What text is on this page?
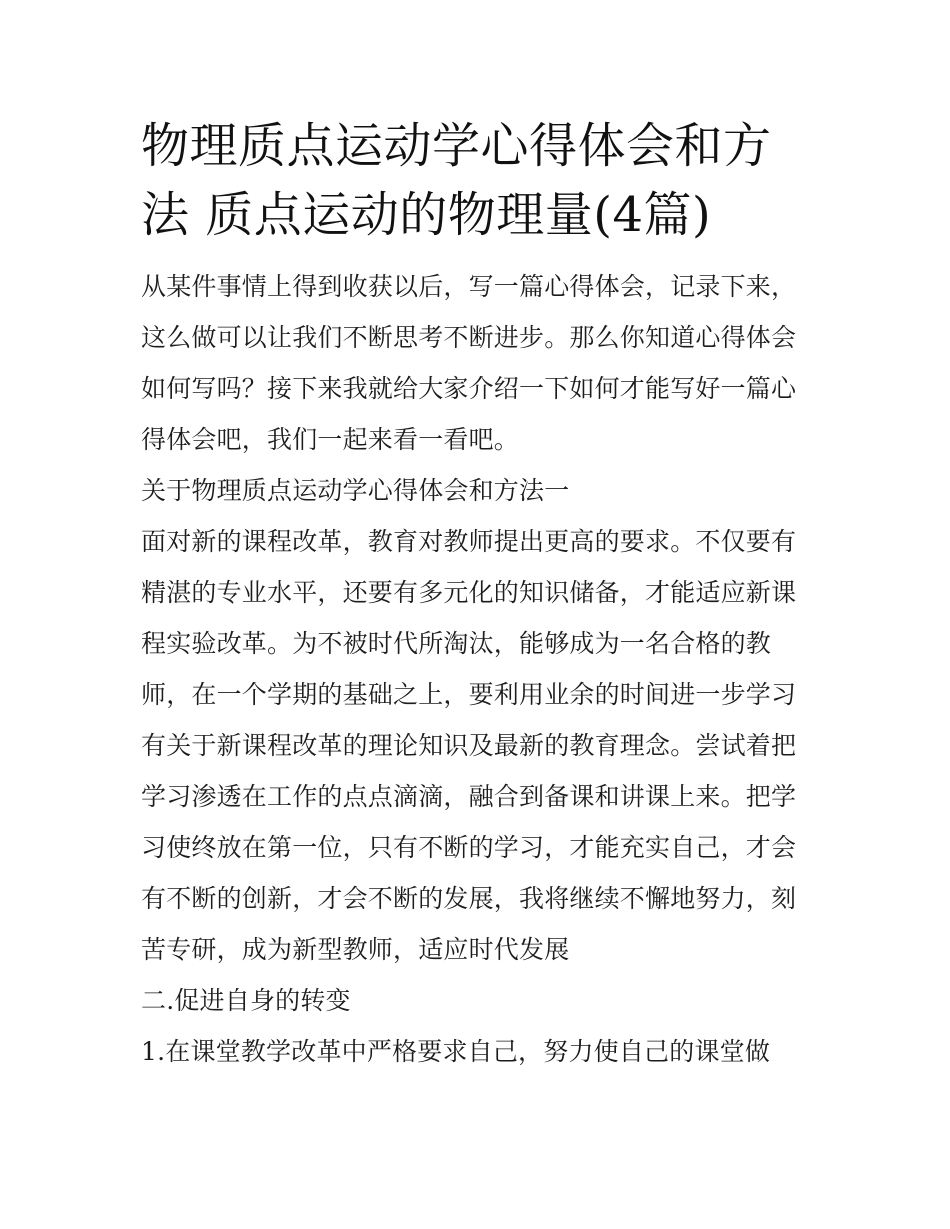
物理质点运动学心得体会和方法 质点运动的物理量(4篇)

从某件事情上得到收获以后，写一篇心得体会，记录下来，这么做可以让我们不断思考不断进步。那么你知道心得体会如何写吗？接下来我就给大家介绍一下如何才能写好一篇心得体会吧，我们一起来看一看吧。

关于物理质点运动学心得体会和方法一

面对新的课程改革，教育对教师提出更高的要求。不仅要有精湛的专业水平，还要有多元化的知识储备，才能适应新课程实验改革。为不被时代所淘汰，能够成为一名合格的教师，在一个学期的基础之上，要利用业余的时间进一步学习有关于新课程改革的理论知识及最新的教育理念。尝试着把学习渗透在工作的点点滴滴，融合到备课和讲课上来。把学习使终放在第一位，只有不断的学习，才能充实自己，才会有不断的创新，才会不断的发展，我将继续不懈地努力，刻苦专研，成为新型教师，适应时代发展

二.促进自身的转变

1.在课堂教学改革中严格要求自己，努力使自己的课堂做
